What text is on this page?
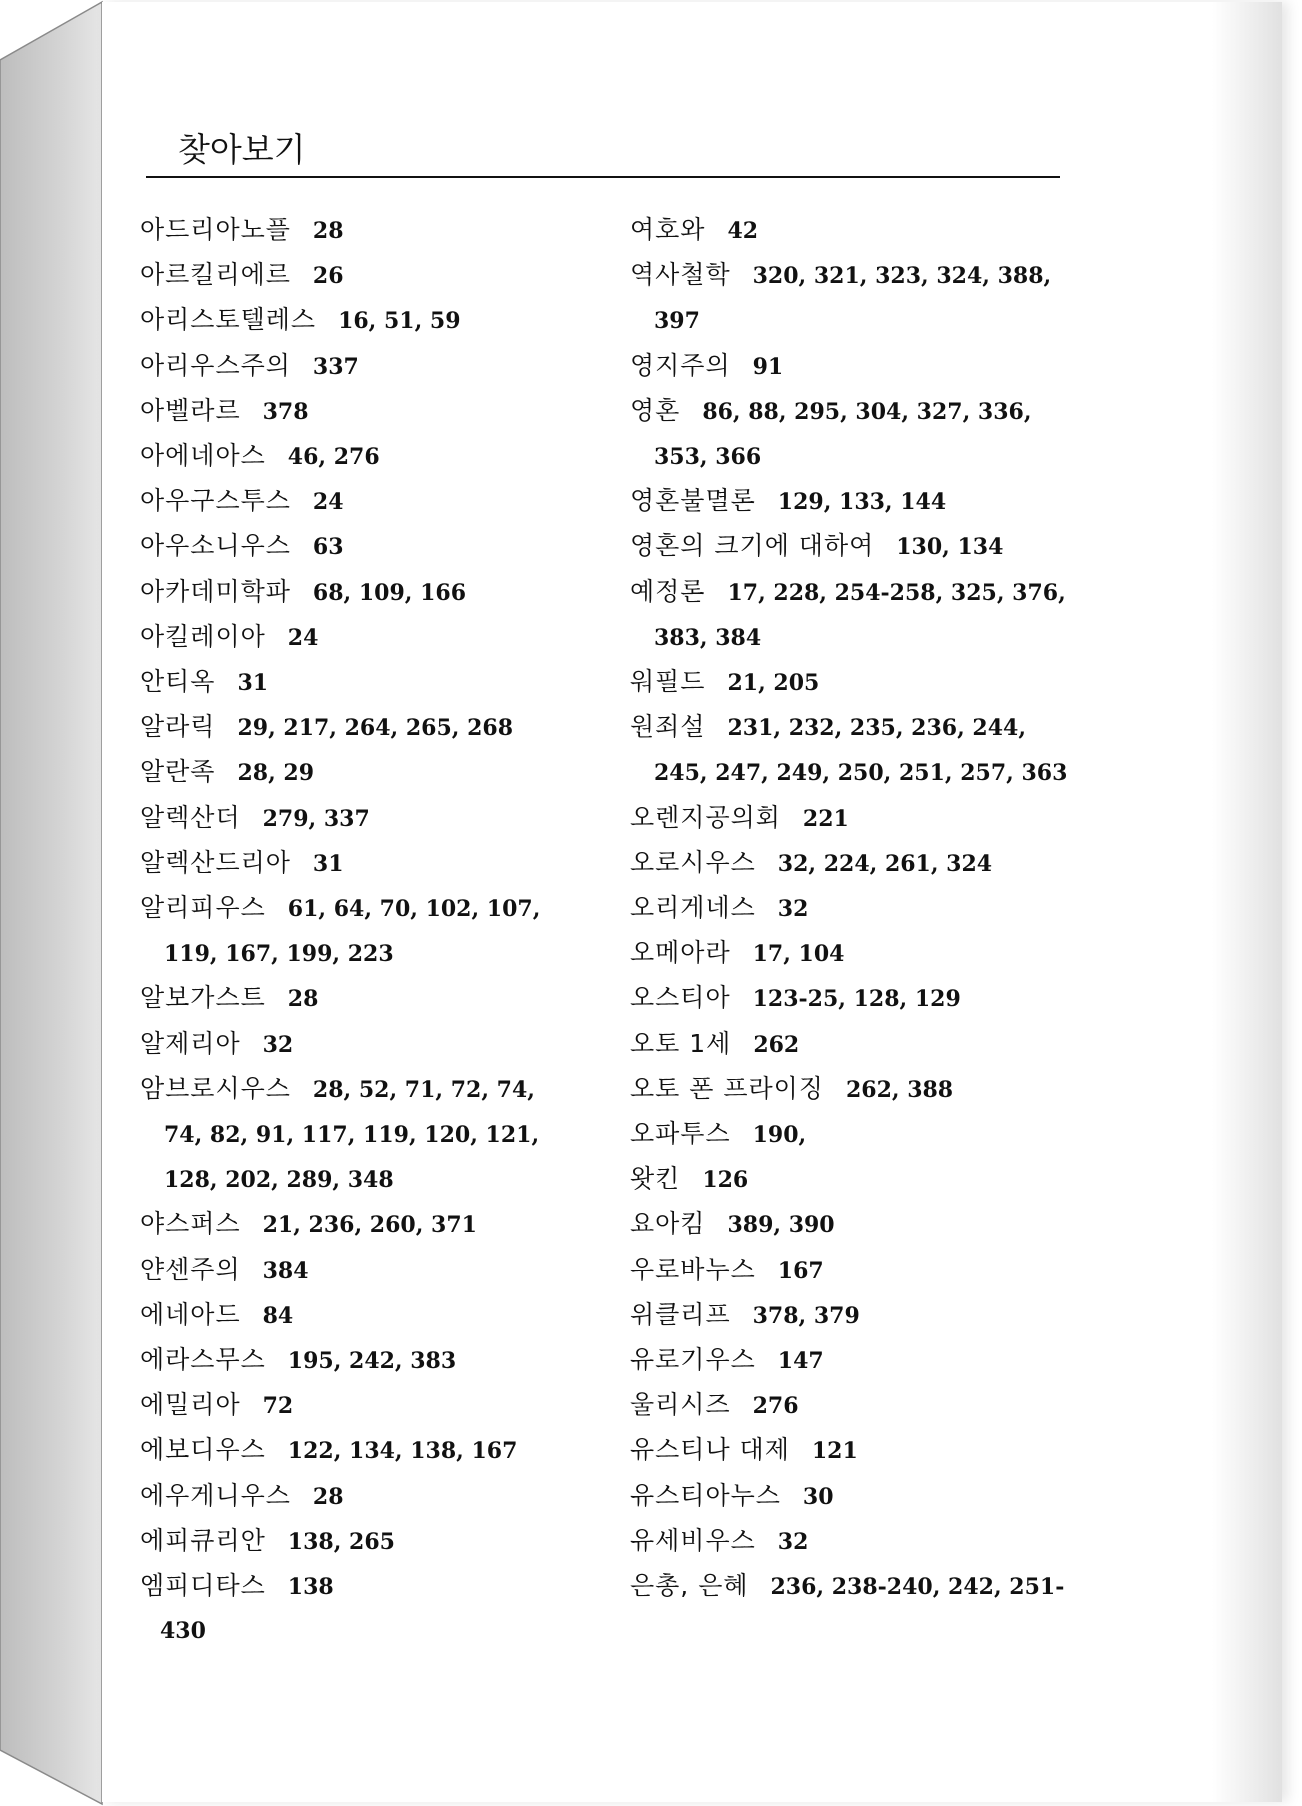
찾아보기

아드리아노플 28

아르킬리에르 26

아리스토텔레스 16, 51, 59

아리우스주의 337

아벨라르 378

아에네아스 46, 276

아우구스투스 24

아우소니우스 63

아카데미학파 68, 109, 166

아킬레이아 24

안티옥 31

알라릭 29, 217, 264, 265, 268

알란족 28, 29

알렉산더 279, 337

알렉산드리아 31

알리피우스 61, 64, 70, 102, 107,

119, 167, 199, 223

알보가스트 28

알제리아 32

암브로시우스 28, 52, 71, 72, 74,

74, 82, 91, 117, 119, 120, 121,

128, 202, 289, 348

야스퍼스 21, 236, 260, 371

얀센주의 384

에네아드 84

에라스무스 195, 242, 383

에밀리아 72

에보디우스 122, 134, 138, 167

에우게니우스 28

에피큐리안 138, 265

엠피디타스 138

여호와 42

역사철학 320, 321, 323, 324, 388,

397

영지주의 91

영혼 86, 88, 295, 304, 327, 336,

353, 366

영혼불멸론 129, 133, 144

영혼의 크기에 대하여 130, 134

예정론 17, 228, 254-258, 325, 376,

383, 384

워필드 21, 205

원죄설 231, 232, 235, 236, 244,

245, 247, 249, 250, 251, 257, 363

오렌지공의회 221

오로시우스 32, 224, 261, 324

오리게네스 32

오메아라 17, 104

오스티아 123-25, 128, 129

오토 1세 262

오토 폰 프라이징 262, 388

오파투스 190,

왓킨 126

요아킴 389, 390

우로바누스 167

위클리프 378, 379

유로기우스 147

울리시즈 276

유스티나 대제 121

유스티아누스 30

유세비우스 32

은총, 은혜 236, 238-240, 242, 251-

430
